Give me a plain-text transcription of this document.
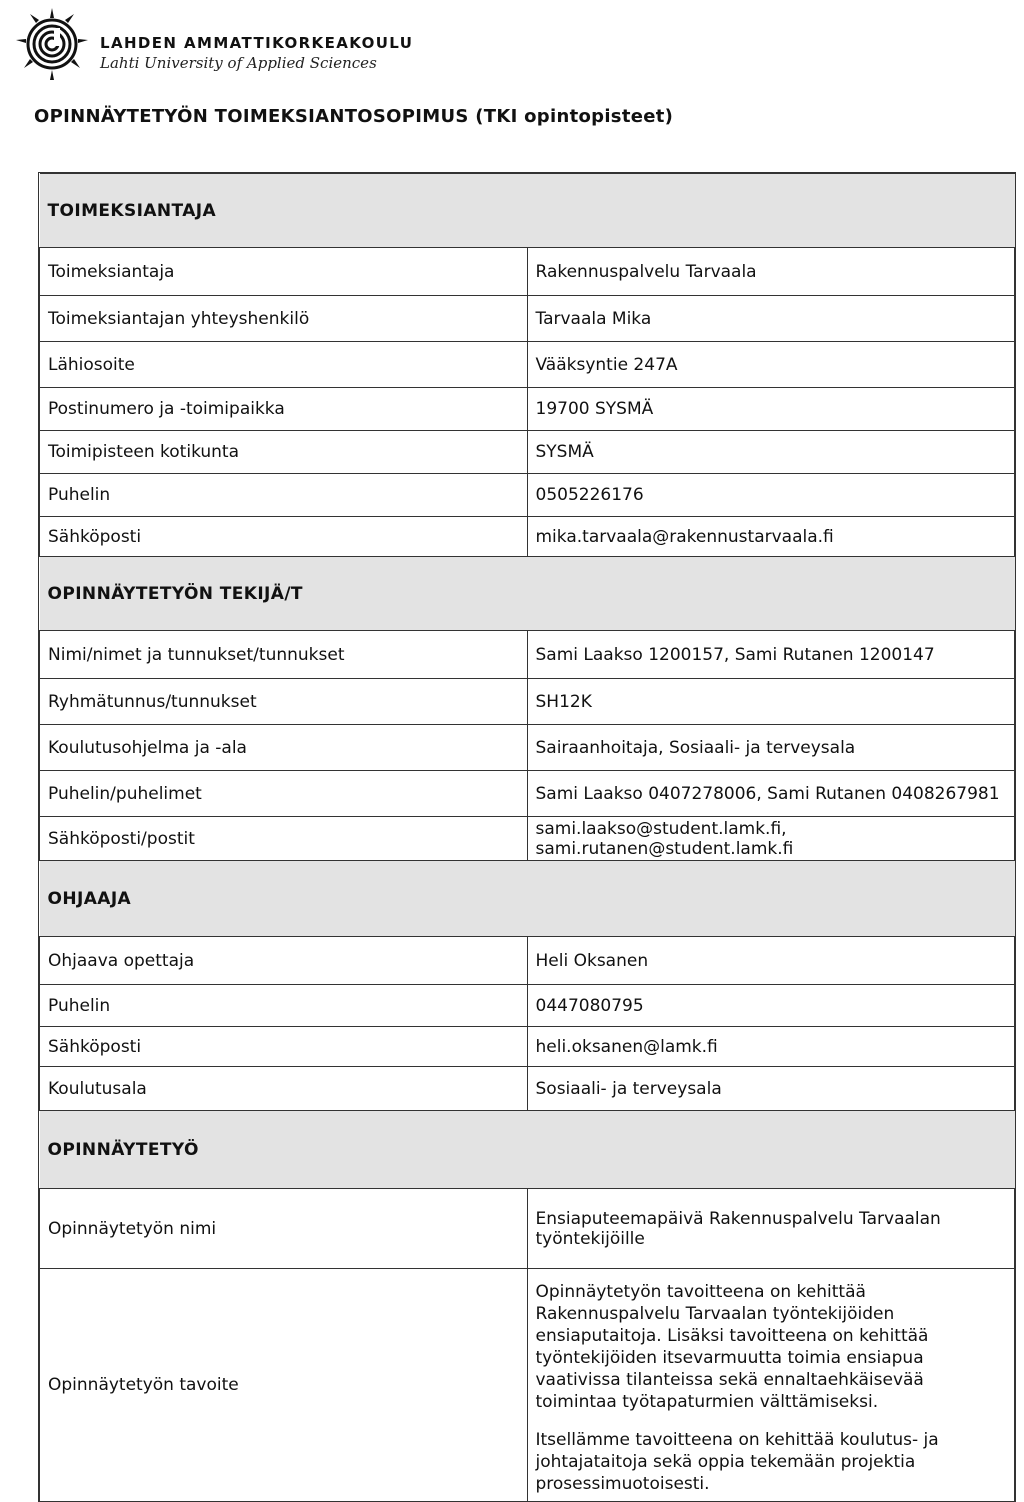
LAHDEN AMMATTIKORKEAKOULU
Lahti University of Applied Sciences
OPINNÄYTETYÖN TOIMEKSIANTOSOPIMUS (TKI opintopisteet)
TOIMEKSIANTAJA	
Toimeksiantaja	Rakennuspalvelu Tarvaala
Toimeksiantajan yhteyshenkilö	Tarvaala Mika
Lähiosoite	Vääksyntie 247A
Postinumero ja -toimipaikka	19700 SYSMÄ
Toimipisteen kotikunta	SYSMÄ
Puhelin	0505226176
Sähköposti	mika.tarvaala@rakennustarvaala.fi
OPINNÄYTETYÖN TEKIJÄ/T	
Nimi/nimet ja tunnukset/tunnukset	Sami Laakso 1200157, Sami Rutanen 1200147
Ryhmätunnus/tunnukset	SH12K
Koulutusohjelma ja -ala	Sairaanhoitaja, Sosiaali- ja terveysala
Puhelin/puhelimet	Sami Laakso 0407278006, Sami Rutanen 0408267981
Sähköposti/postit	sami.laakso@student.lamk.fi, sami.rutanen@student.lamk.fi
OHJAAJA	
Ohjaava opettaja	Heli Oksanen
Puhelin	0447080795
Sähköposti	heli.oksanen@lamk.fi
Koulutusala	Sosiaali- ja terveysala
OPINNÄYTETYÖ	
Opinnäytetyön nimi	Ensiaputeemapäivä Rakennuspalvelu Tarvaalan työntekijöille
Opinnäytetyön tavoite	Opinnäytetyön tavoitteena on kehittää Rakennuspalvelu Tarvaalan työntekijöiden ensiaputaitoja. Lisäksi tavoitteena on kehittää työntekijöiden itsevarmuutta toimia ensiapua vaativissa tilanteissa sekä ennaltaehkäisevää toimintaa työtapaturmien välttämiseksi.

Itsellämme tavoitteena on kehittää koulutus- ja johtajataitoja sekä oppia tekemään projektia prosessimuotoisesti.
